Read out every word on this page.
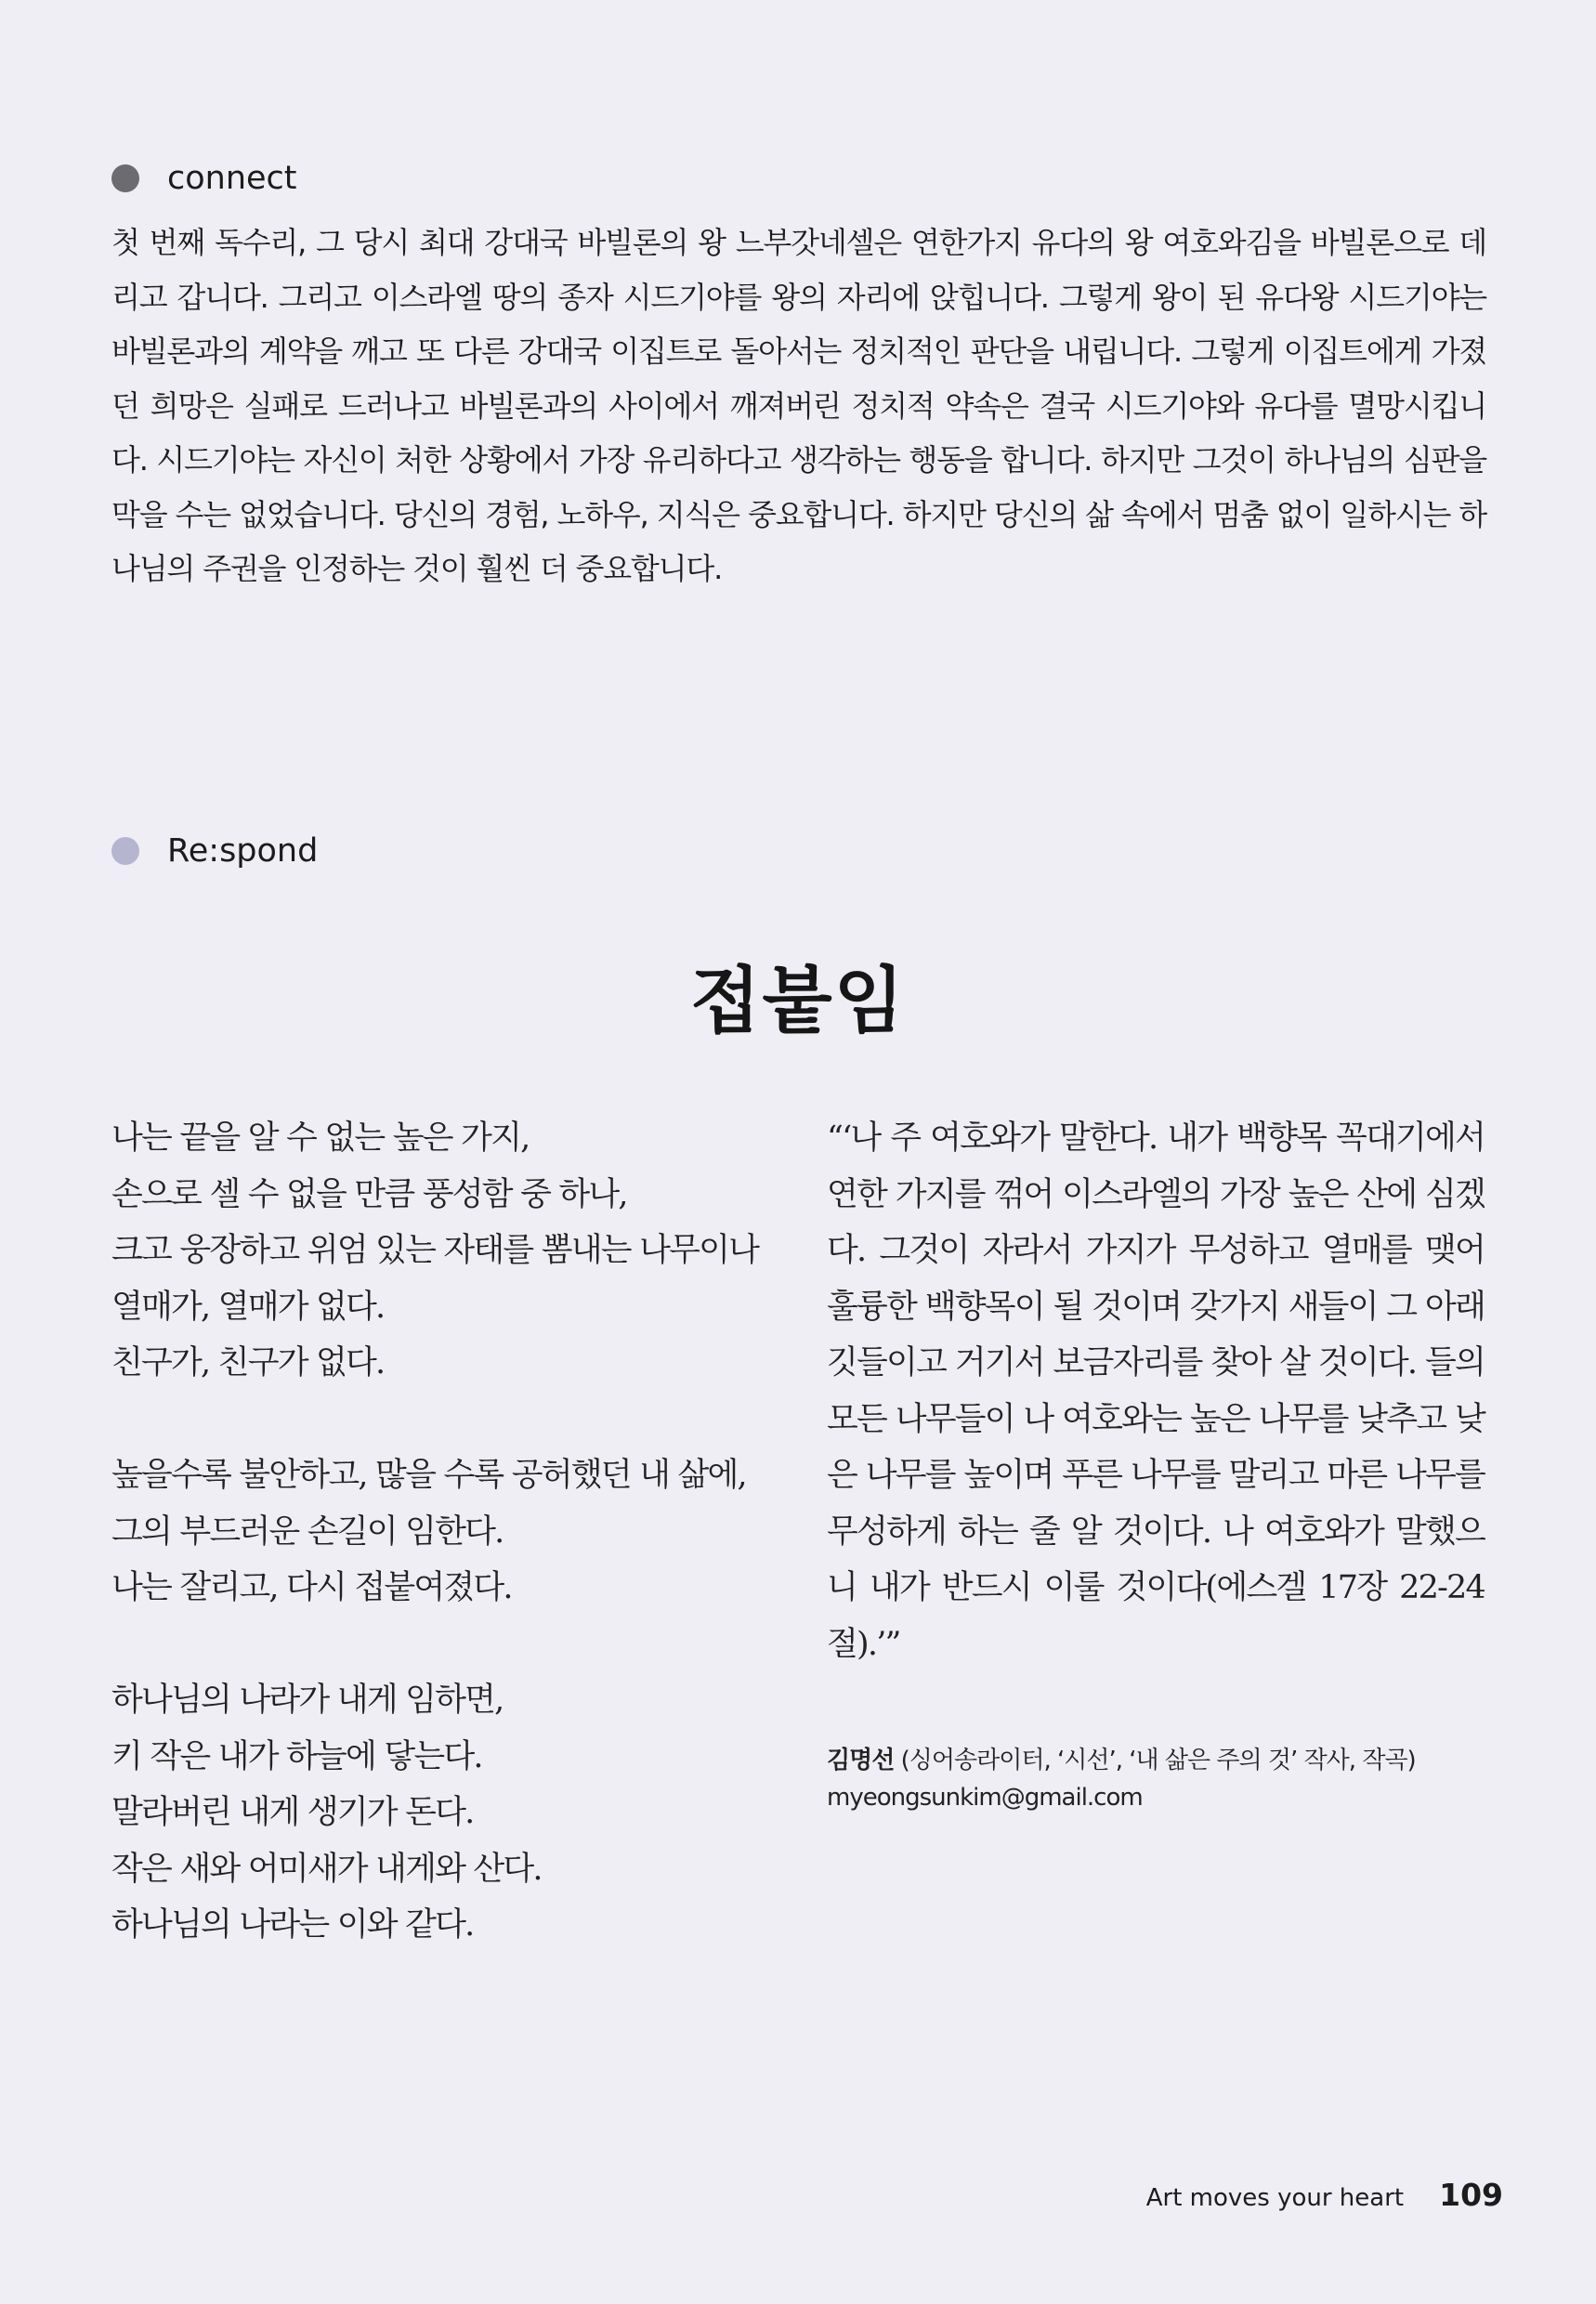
connect
첫 번째 독수리, 그 당시 최대 강대국 바빌론의 왕 느부갓네셀은 연한가지 유다의 왕 여호와김을 바빌론으로 데리고 갑니다. 그리고 이스라엘 땅의 종자 시드기야를 왕의 자리에 앉힙니다. 그렇게 왕이 된 유다왕 시드기야는 바빌론과의 계약을 깨고 또 다른 강대국 이집트로 돌아서는 정치적인 판단을 내립니다. 그렇게 이집트에게 가졌던 희망은 실패로 드러나고 바빌론과의 사이에서 깨져버린 정치적 약속은 결국 시드기야와 유다를 멸망시킵니다. 시드기야는 자신이 처한 상황에서 가장 유리하다고 생각하는 행동을 합니다. 하지만 그것이 하나님의 심판을 막을 수는 없었습니다. 당신의 경험, 노하우, 지식은 중요합니다. 하지만 당신의 삶 속에서 멈춤 없이 일하시는 하나님의 주권을 인정하는 것이 훨씬 더 중요합니다.
Re:spond
접붙임
나는 끝을 알 수 없는 높은 가지,
손으로 셀 수 없을 만큼 풍성함 중 하나,
크고 웅장하고 위엄 있는 자태를 뽐내는 나무이나
열매가, 열매가 없다.
친구가, 친구가 없다.
높을수록 불안하고, 많을 수록 공허했던 내 삶에,
그의 부드러운 손길이 임한다.
나는 잘리고, 다시 접붙여졌다.
하나님의 나라가 내게 임하면,
키 작은 내가 하늘에 닿는다.
말라버린 내게 생기가 돈다.
작은 새와 어미새가 내게와 산다.
하나님의 나라는 이와 같다.
“‘나 주 여호와가 말한다. 내가 백향목 꼭대기에서 연한 가지를 꺾어 이스라엘의 가장 높은 산에 심겠다. 그것이 자라서 가지가 무성하고 열매를 맺어 훌륭한 백향목이 될 것이며 갖가지 새들이 그 아래 깃들이고 거기서 보금자리를 찾아 살 것이다. 들의 모든 나무들이 나 여호와는 높은 나무를 낮추고 낮은 나무를 높이며 푸른 나무를 말리고 마른 나무를 무성하게 하는 줄 알 것이다. 나 여호와가 말했으니 내가 반드시 이룰 것이다(에스겔 17장 22-24절).’”
김명선 (싱어송라이터, ‘시선’, ‘내 삶은 주의 것’ 작사, 작곡)
myeongsunkim@gmail.com
Art moves your heart 109
